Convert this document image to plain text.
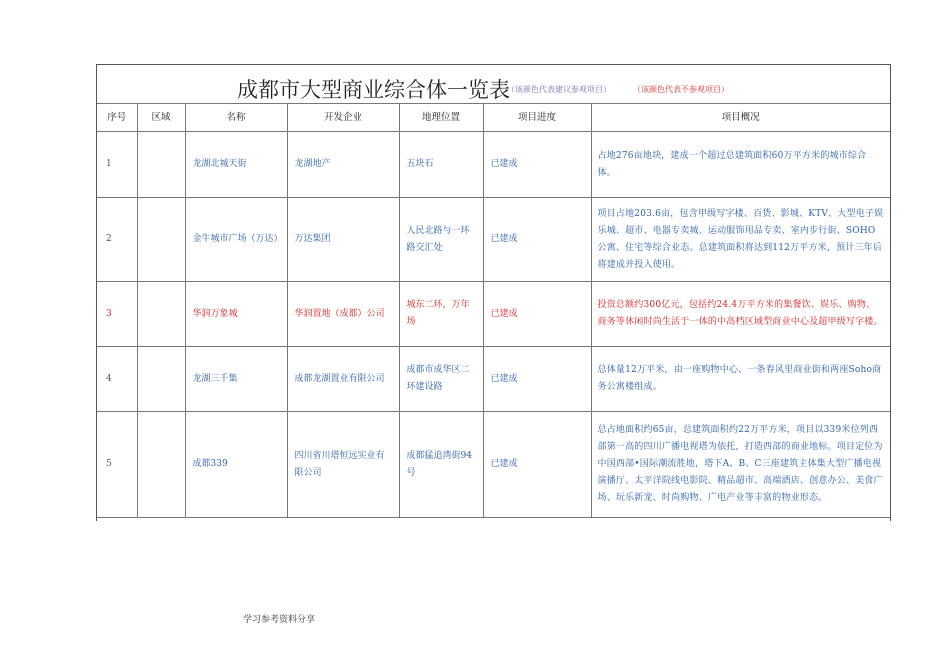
成都市大型商业综合体一览表
（该颜色代表建议参观项目）	（该颜色代表不参观项目）
序号	区域	名称	开发企业	地理位置	项目进度	项目概况
1		龙湖北城天街	龙湖地产	五块石	已建成	占地276亩地块，建成一个超过总建筑面积60万平方米的城市综合体。
2		金牛城市广场（万达）	万达集团	人民北路与一环路交汇处	已建成	项目占地203.6亩，包含甲级写字楼、百货、影城、KTV、大型电子娱乐城、超市、电器专卖城、运动服饰用品专卖、室内步行街、SOHO公寓、住宅等综合业态。总建筑面积将达到112万平方米，预计三年后将建成并投入使用。
3		华润万象城	华润置地（成都）公司	城东二环，万年场	已建成	投资总额约300亿元，包括约24.4万平方米的集餐饮、娱乐、购物、商务等休闲时尚生活于一体的中高档区域型商业中心及超甲级写字楼。
4		龙湖三千集	成都龙湖置业有限公司	成都市成华区二环建设路	已建成	总体量12万平米，由一座购物中心、一条春风里商业街和两座Soho商务公寓楼组成。
5		成都339	四川省川塔恒远实业有限公司	成都猛追湾街94号	已建成	总占地面积约65亩，总建筑面积约22万平方米，项目以339米位列西部第一高的四川广播电视塔为依托，打造西部的商业地标。项目定位为中国西部•国际潮流胜地，塔下A、B、C三座建筑主体集大型广播电视演播厅、太平洋院线电影院、精品超市、高端酒店、创意办公、美食广场、玩乐新宠、时尚购物、广电产业等丰富的物业形态。
学习参考资料分享
